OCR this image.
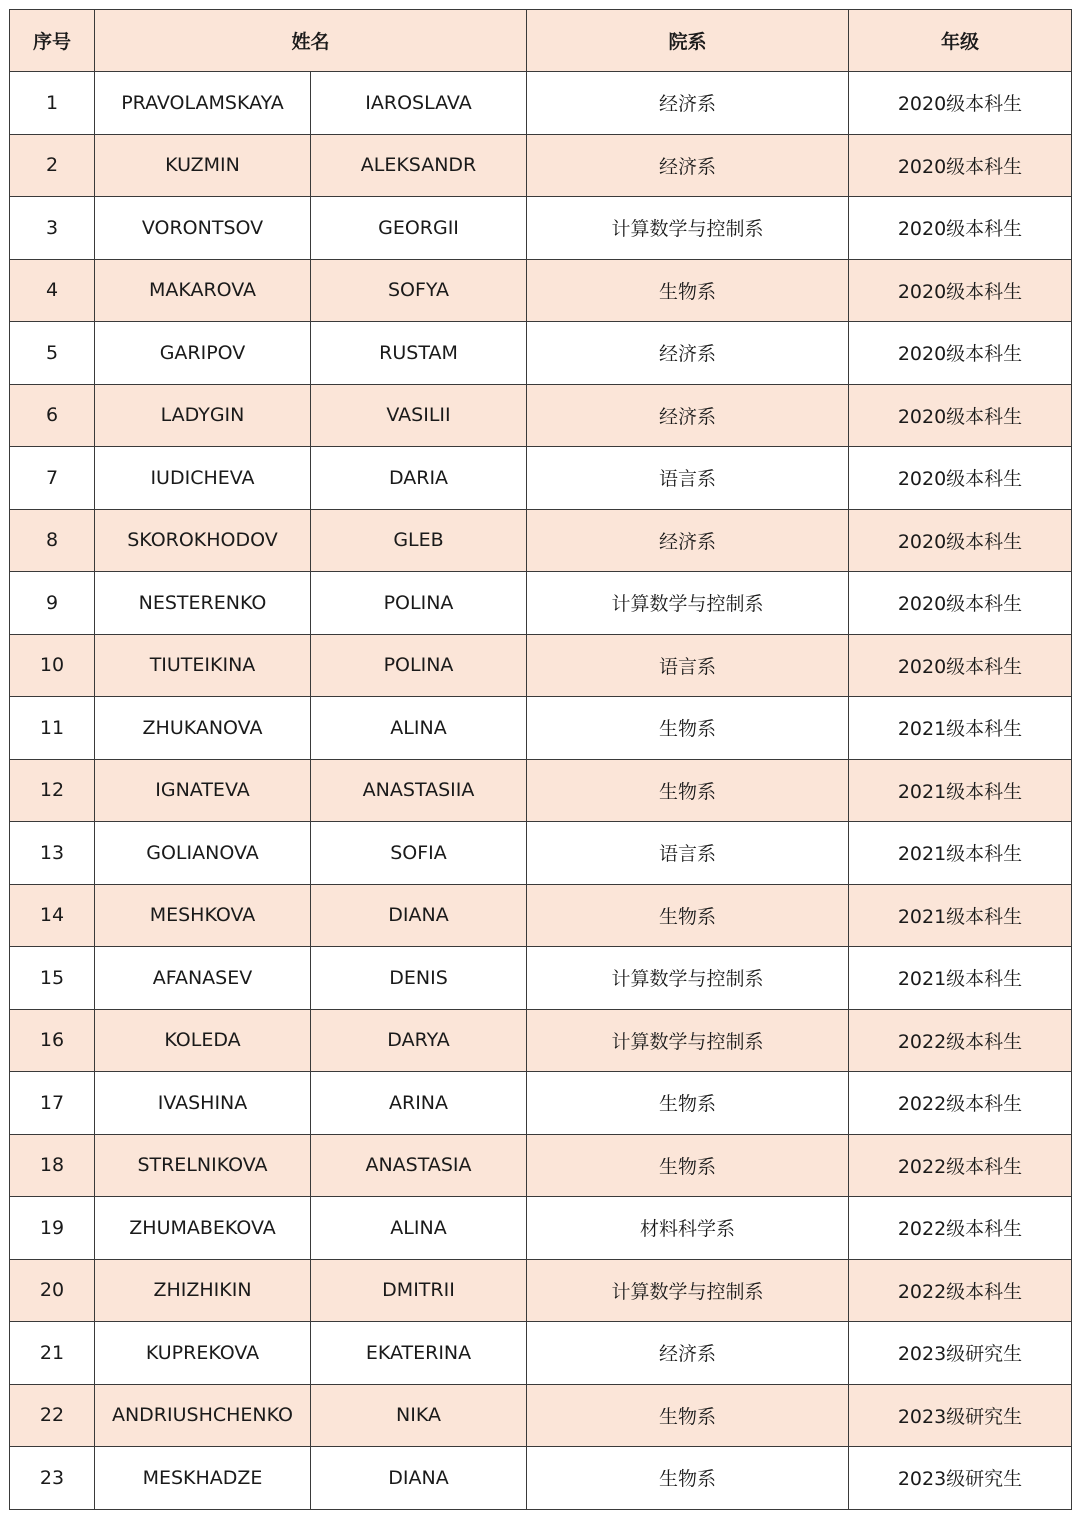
序号	姓名		院系	年级
1	PRAVOLAMSKAYA	IAROSLAVA	经济系	2020级本科生
2	KUZMIN	ALEKSANDR	经济系	2020级本科生
3	VORONTSOV	GEORGII	计算数学与控制系	2020级本科生
4	MAKAROVA	SOFYA	生物系	2020级本科生
5	GARIPOV	RUSTAM	经济系	2020级本科生
6	LADYGIN	VASILII	经济系	2020级本科生
7	IUDICHEVA	DARIA	语言系	2020级本科生
8	SKOROKHODOV	GLEB	经济系	2020级本科生
9	NESTERENKO	POLINA	计算数学与控制系	2020级本科生
10	TIUTEIKINA	POLINA	语言系	2020级本科生
11	ZHUKANOVA	ALINA	生物系	2021级本科生
12	IGNATEVA	ANASTASIIA	生物系	2021级本科生
13	GOLIANOVA	SOFIA	语言系	2021级本科生
14	MESHKOVA	DIANA	生物系	2021级本科生
15	AFANASEV	DENIS	计算数学与控制系	2021级本科生
16	KOLEDA	DARYA	计算数学与控制系	2022级本科生
17	IVASHINA	ARINA	生物系	2022级本科生
18	STRELNIKOVA	ANASTASIA	生物系	2022级本科生
19	ZHUMABEKOVA	ALINA	材料科学系	2022级本科生
20	ZHIZHIKIN	DMITRII	计算数学与控制系	2022级本科生
21	KUPREKOVA	EKATERINA	经济系	2023级研究生
22	ANDRIUSHCHENKO	NIKA	生物系	2023级研究生
23	MESKHADZE	DIANA	生物系	2023级研究生
